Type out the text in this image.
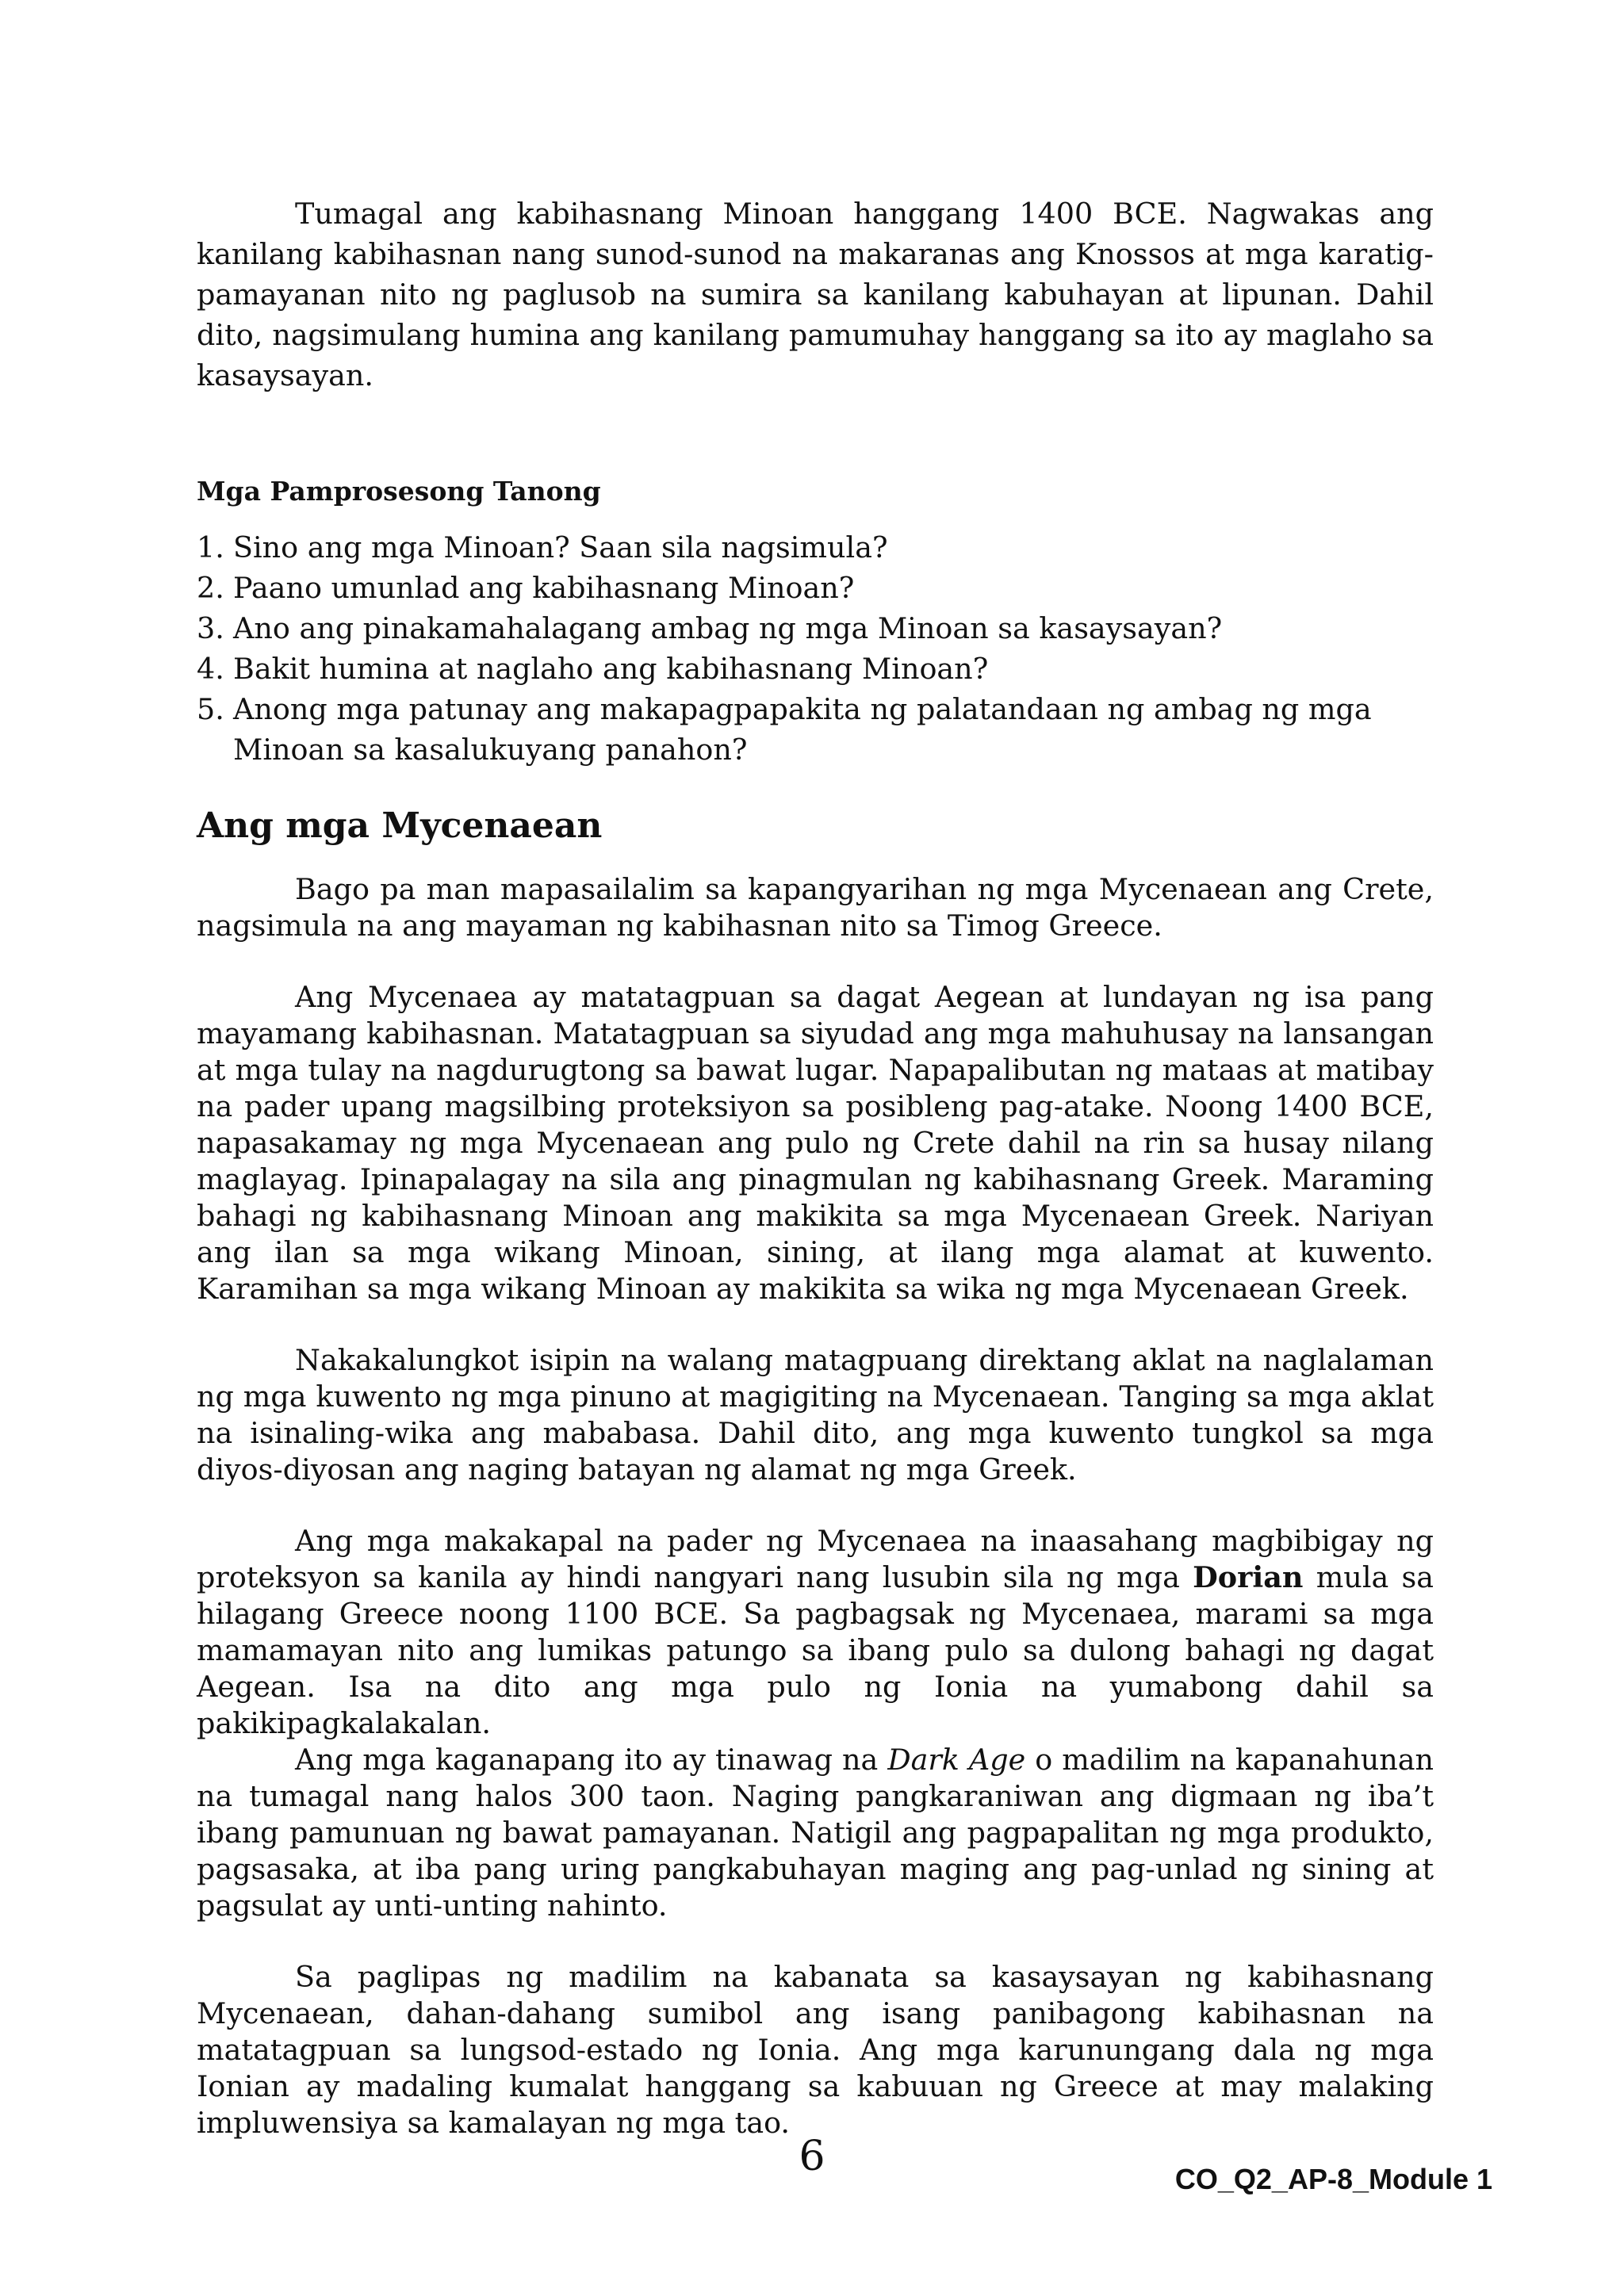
Tumagal ang kabihasnang Minoan hanggang 1400 BCE. Nagwakas ang kanilang kabihasnan nang sunod-sunod na makaranas ang Knossos at mga karatig-pamayanan nito ng paglusob na sumira sa kanilang kabuhayan at lipunan. Dahil dito, nagsimulang humina ang kanilang pamumuhay hanggang sa ito ay maglaho sa kasaysayan.

Mga Pamprosesong Tanong
1. Sino ang mga Minoan? Saan sila nagsimula?
2. Paano umunlad ang kabihasnang Minoan?
3. Ano ang pinakamahalagang ambag ng mga Minoan sa kasaysayan?
4. Bakit humina at naglaho ang kabihasnang Minoan?
5. Anong mga patunay ang makapagpapakita ng palatandaan ng ambag ng mga Minoan sa kasalukuyang panahon?
Ang mga Mycenaean

Bago pa man mapasailalim sa kapangyarihan ng mga Mycenaean ang Crete, nagsimula na ang mayaman ng kabihasnan nito sa Timog Greece.

Ang Mycenaea ay matatagpuan sa dagat Aegean at lundayan ng isa pang mayamang kabihasnan. Matatagpuan sa siyudad ang mga mahuhusay na lansangan at mga tulay na nagdurugtong sa bawat lugar. Napapalibutan ng mataas at matibay na pader upang magsilbing proteksiyon sa posibleng pag-atake. Noong 1400 BCE, napasakamay ng mga Mycenaean ang pulo ng Crete dahil na rin sa husay nilang maglayag. Ipinapalagay na sila ang pinagmulan ng kabihasnang Greek. Maraming bahagi ng kabihasnang Minoan ang makikita sa mga Mycenaean Greek. Nariyan ang ilan sa mga wikang Minoan, sining, at ilang mga alamat at kuwento. Karamihan sa mga wikang Minoan ay makikita sa wika ng mga Mycenaean Greek.

Nakakalungkot isipin na walang matagpuang direktang aklat na naglalaman ng mga kuwento ng mga pinuno at magigiting na Mycenaean. Tanging sa mga aklat na isinaling-wika ang mababasa. Dahil dito, ang mga kuwento tungkol sa mga diyos-diyosan ang naging batayan ng alamat ng mga Greek.

Ang mga makakapal na pader ng Mycenaea na inaasahang magbibigay ng proteksyon sa kanila ay hindi nangyari nang lusubin sila ng mga Dorian mula sa hilagang Greece noong 1100 BCE. Sa pagbagsak ng Mycenaea, marami sa mga mamamayan nito ang lumikas patungo sa ibang pulo sa dulong bahagi ng dagat Aegean. Isa na dito ang mga pulo ng Ionia na yumabong dahil sa pakikipagkalakalan.

Ang mga kaganapang ito ay tinawag na Dark Age o madilim na kapanahunan na tumagal nang halos 300 taon. Naging pangkaraniwan ang digmaan ng iba’t ibang pamunuan ng bawat pamayanan. Natigil ang pagpapalitan ng mga produkto, pagsasaka, at iba pang uring pangkabuhayan maging ang pag-unlad ng sining at pagsulat ay unti-unting nahinto.

Sa paglipas ng madilim na kabanata sa kasaysayan ng kabihasnang Mycenaean, dahan-dahang sumibol ang isang panibagong kabihasnan na matatagpuan sa lungsod-estado ng Ionia. Ang mga karunungang dala ng mga Ionian ay madaling kumalat hanggang sa kabuuan ng Greece at may malaking impluwensiya sa kamalayan ng mga tao.

6	CO_Q2_AP-8_Module 1
